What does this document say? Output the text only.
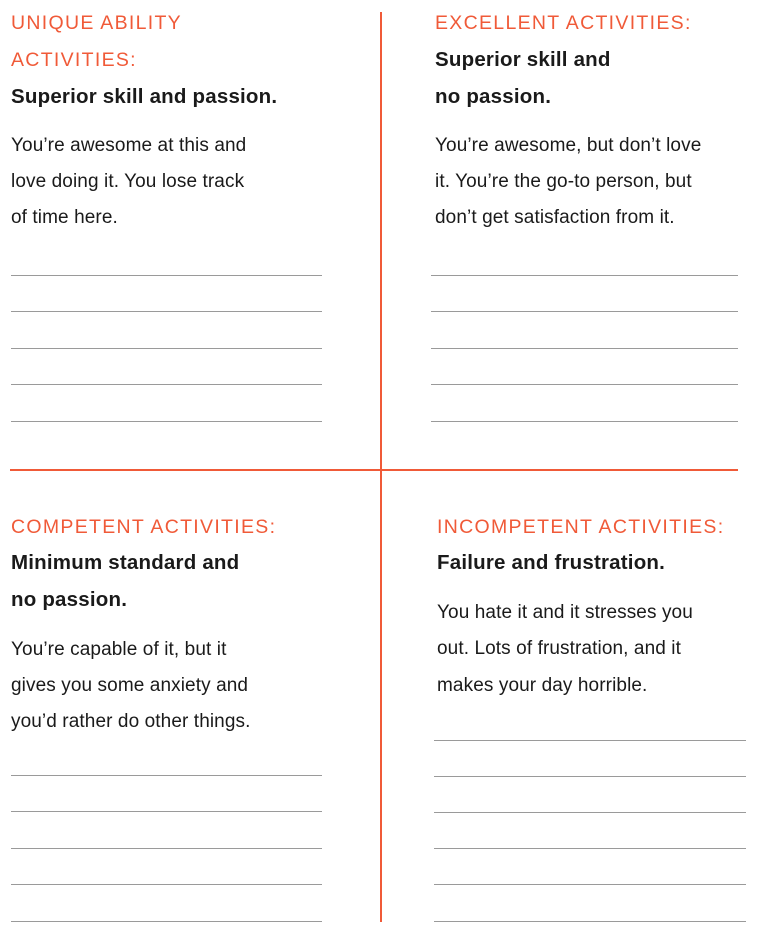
UNIQUE ABILITY
ACTIVITIES:
Superior skill and passion.
You’re awesome at this and
love doing it. You lose track
of time here.
EXCELLENT ACTIVITIES:
Superior skill and
no passion.
You’re awesome, but don’t love
it. You’re the go-to person, but
don’t get satisfaction from it.
COMPETENT ACTIVITIES:
Minimum standard and
no passion.
You’re capable of it, but it
gives you some anxiety and
you’d rather do other things.
INCOMPETENT ACTIVITIES:
Failure and frustration.
You hate it and it stresses you
out. Lots of frustration, and it
makes your day horrible.
